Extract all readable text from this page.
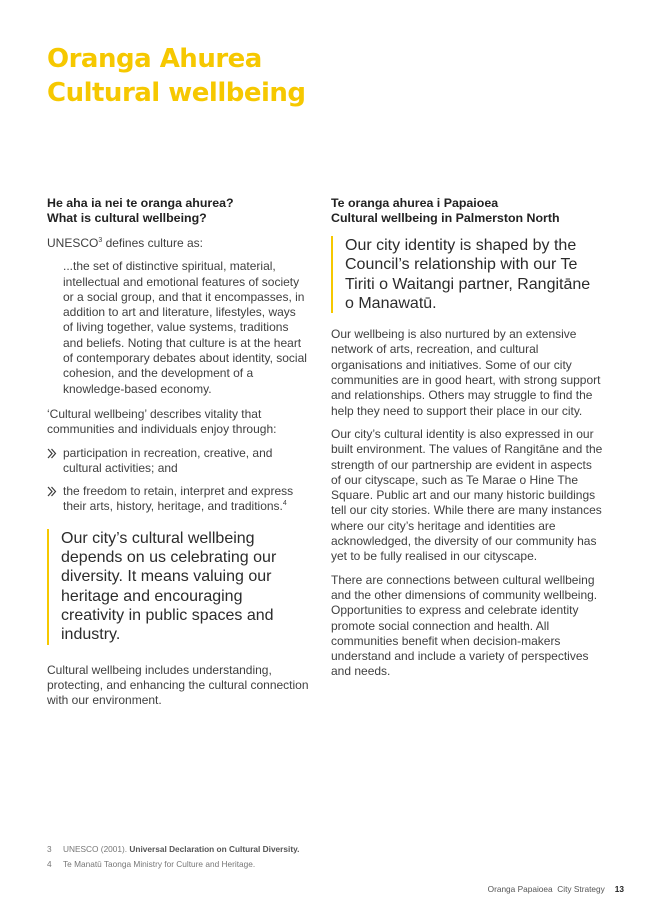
Oranga Ahurea
Cultural wellbeing
He aha ia nei te oranga ahurea?
What is cultural wellbeing?

UNESCO$^3$ defines culture as:

...the set of distinctive spiritual, material, intellectual and emotional features of society or a social group, and that it encompasses, in addition to art and literature, lifestyles, ways of living together, value systems, traditions and beliefs. Noting that culture is at the heart of contemporary debates about identity, social cohesion, and the development of a knowledge-based economy.

‘Cultural wellbeing’ describes vitality that communities and individuals enjoy through:

participation in recreation, creative, and cultural activities; and
the freedom to retain, interpret and express their arts, history, heritage, and traditions.$^4$
Our city’s cultural wellbeing depends on us celebrating our diversity. It means valuing our heritage and encouraging creativity in public spaces and industry.

Cultural wellbeing includes understanding, protecting, and enhancing the cultural connection with our environment.

Te oranga ahurea i Papaioea
Cultural wellbeing in Palmerston North
Our city identity is shaped by the Council’s relationship with our Te Tiriti o Waitangi partner, Rangitāne o Manawatū.

Our wellbeing is also nurtured by an extensive network of arts, recreation, and cultural organisations and initiatives. Some of our city communities are in good heart, with strong support and relationships. Others may struggle to find the help they need to support their place in our city.

Our city’s cultural identity is also expressed in our built environment. The values of Rangitāne and the strength of our partnership are evident in aspects of our cityscape, such as Te Marae o Hine The Square. Public art and our many historic buildings tell our city stories. While there are many instances where our city’s heritage and identities are acknowledged, the diversity of our community has yet to be fully realised in our cityscape.

There are connections between cultural wellbeing and the other dimensions of community wellbeing. Opportunities to express and celebrate identity promote social connection and health. All communities benefit when decision-makers understand and include a variety of perspectives and needs.

3 UNESCO (2001). Universal Declaration on Cultural Diversity.

4 Te Manatū Taonga Ministry for Culture and Heritage.

Oranga Papaioea  City Strategy 13
